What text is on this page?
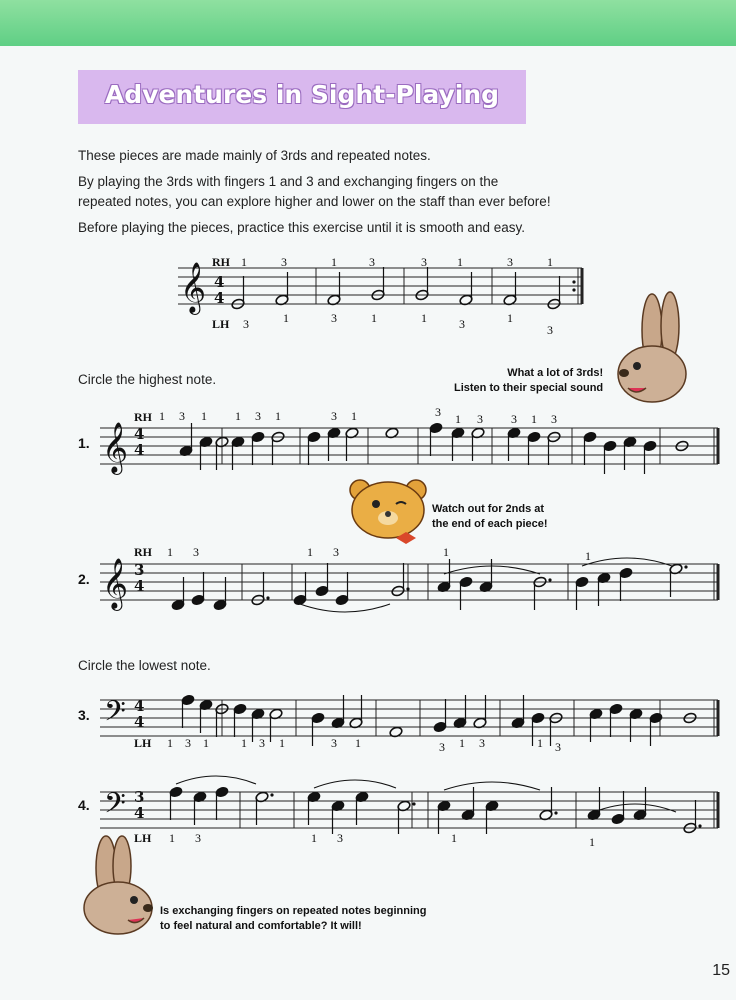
Adventures in Sight-Playing
These pieces are made mainly of 3rds and repeated notes.
By playing the 3rds with fingers 1 and 3 and exchanging fingers on the
repeated notes, you can explore higher and lower on the staff than ever before!
Before playing the pieces, practice this exercise until it is smooth and easy.
Circle the highest note.
Circle the lowest note.
What a lot of 3rds!
Listen to their special sound
Watch out for 2nds at
the end of each piece!
Is exchanging fingers on repeated notes beginning
to feel natural and comfortable? It will!
RH
LH
RH
RH
LH
LH
1.
2.
3.
4.
4
4
4
4
3
4
4
4
3
4
𝄞	1	3	1	3	3	1	3	1
3	1	3	1	1	3	1
3
𝄞
1 3 1 1 3 1	3 1	3 1 3 3 1 3
𝄞
1 3	1 3	1	1
𝄢
1 3 1	1 3 1	3 1	3 1 3	1 3
𝄢
1 3	1 3	1	1
15
